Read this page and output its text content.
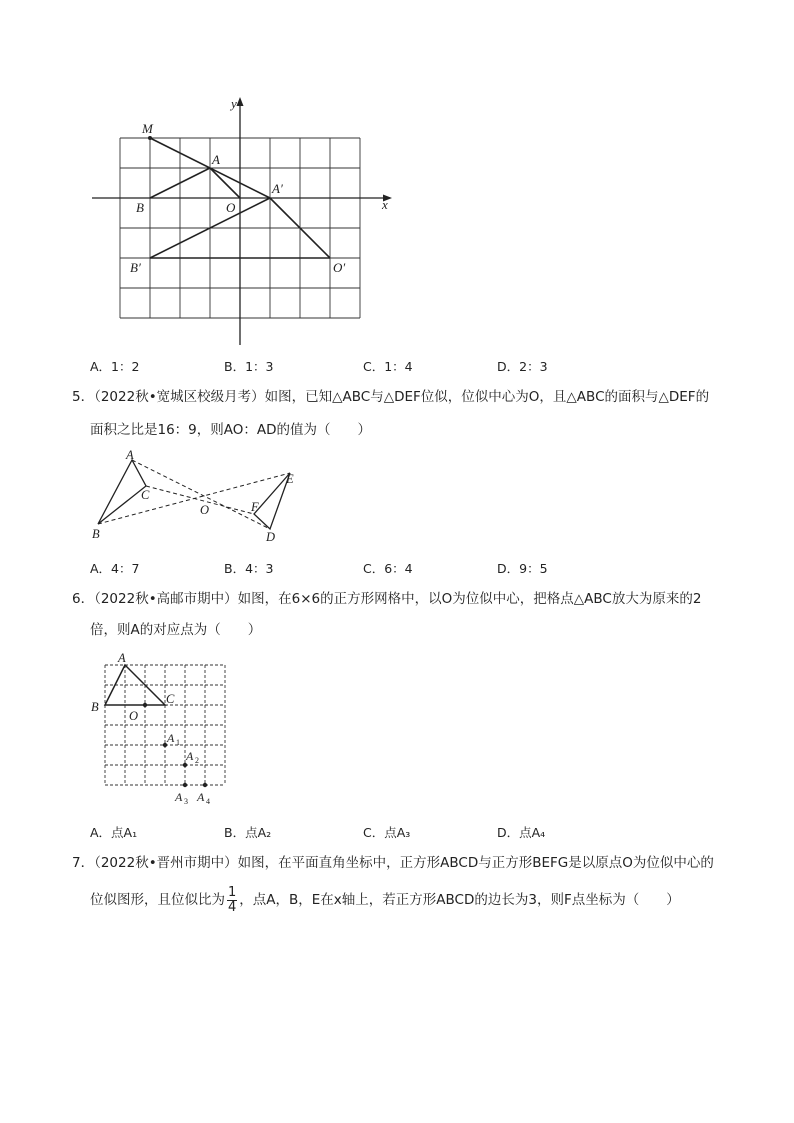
y
x
M
A
B	O
A′
B′	O′
A．1：2	B．1：3	C．1：4	D．2：3
5．（2022秋•宽城区校级月考）如图，已知△ABC与△DEF位似，位似中心为O，且△ABC的面积与△DEF的
面积之比是16：9，则AO：AD的值为（　　）
A
B
C
O
E
F
D
A．4：7	B．4：3	C．6：4	D．9：5
6．（2022秋•高邮市期中）如图，在6×6的正方形网格中，以O为位似中心，把格点△ABC放大为原来的2
倍，则A的对应点为（　　）
A
B
C
O
A 1
A 2
A 3 A 4
A．点A₁	B．点A₂	C．点A₃	D．点A₄
7．（2022秋•晋州市期中）如图，在平面直角坐标中，正方形ABCD与正方形BEFG是以原点O为位似中心的
位似图形，且位似比为 $\frac{1}{4}$ ，点A，B，E在x轴上，若正方形ABCD的边长为3，则F点坐标为（　　）
